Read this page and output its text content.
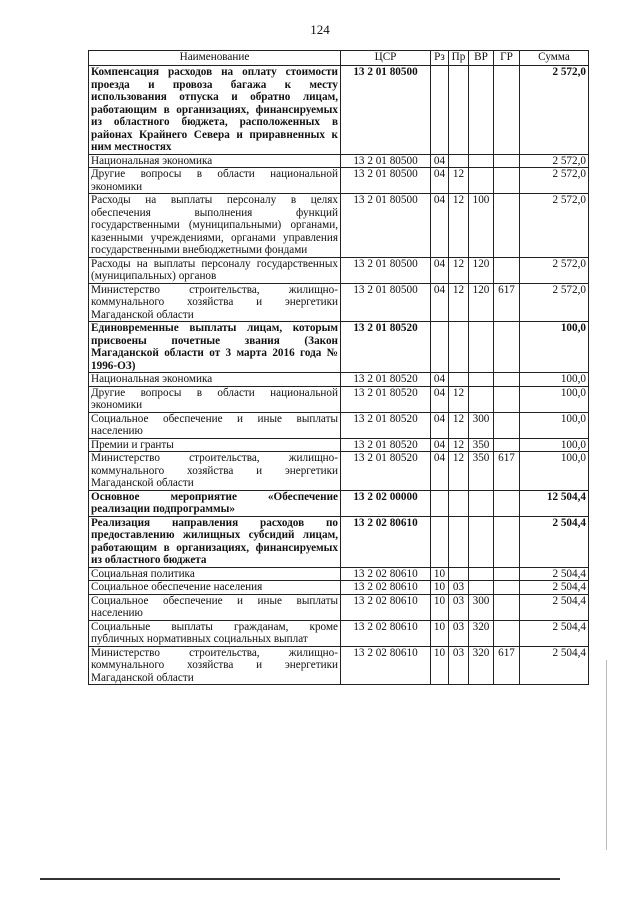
124
Наименование	ЦСР	Рз	Пр	ВР	ГР	Сумма
Компенсация расходов на оплату стоимости проезда и провоза багажа к месту использования отпуска и обратно лицам, работающим в организациях, финансируемых из областного бюджета, расположенных в районах Крайнего Севера и приравненных к ним местностях	13 2 01 80500					2 572,0
Национальная экономика	13 2 01 80500	04				2 572,0
Другие вопросы в области национальной экономики	13 2 01 80500	04	12			2 572,0
Расходы на выплаты персоналу в целях обеспечения выполнения функций государственными (муниципальными) органами, казенными учреждениями, органами управления государственными внебюджетными фондами	13 2 01 80500	04	12	100		2 572,0
Расходы на выплаты персоналу государственных (муниципальных) органов	13 2 01 80500	04	12	120		2 572,0
Министерство строительства, жилищно-коммунального хозяйства и энергетики Магаданской области	13 2 01 80500	04	12	120	617	2 572,0
Единовременные выплаты лицам, которым присвоены почетные звания (Закон Магаданской области от 3 марта 2016 года № 1996-ОЗ)	13 2 01 80520					100,0
Национальная экономика	13 2 01 80520	04				100,0
Другие вопросы в области национальной экономики	13 2 01 80520	04	12			100,0
Социальное обеспечение и иные выплаты населению	13 2 01 80520	04	12	300		100,0
Премии и гранты	13 2 01 80520	04	12	350		100,0
Министерство строительства, жилищно-коммунального хозяйства и энергетики Магаданской области	13 2 01 80520	04	12	350	617	100,0
Основное мероприятие «Обеспечение реализации подпрограммы»	13 2 02 00000					12 504,4
Реализация направления расходов по предоставлению жилищных субсидий лицам, работающим в организациях, финансируемых из областного бюджета	13 2 02 80610					2 504,4
Социальная политика	13 2 02 80610	10				2 504,4
Социальное обеспечение населения	13 2 02 80610	10	03			2 504,4
Социальное обеспечение и иные выплаты населению	13 2 02 80610	10	03	300		2 504,4
Социальные выплаты гражданам, кроме публичных нормативных социальных выплат	13 2 02 80610	10	03	320		2 504,4
Министерство строительства, жилищно-коммунального хозяйства и энергетики Магаданской области	13 2 02 80610	10	03	320	617	2 504,4
